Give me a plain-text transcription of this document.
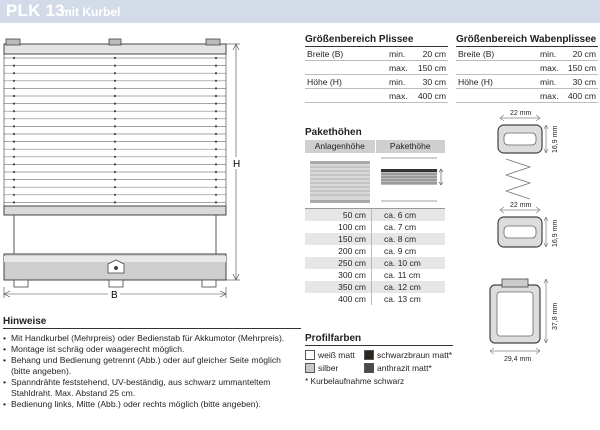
PLK 13
mit Kurbel
H
B
Größenbereich Plissee
Breite (B)	min.	20 cm
	max.	150 cm
Höhe (H)	min.	30 cm
	max.	400 cm
Größenbereich Wabenplissee
Breite (B)	min.	20 cm
	max.	150 cm
Höhe (H)	min.	30 cm
	max.	400 cm
Pakethöhen
Anlagenhöhe	Pakethöhe
50 cm	ca. 6 cm
100 cm	ca. 7 cm
150 cm	ca. 8 cm
200 cm	ca. 9 cm
250 cm	ca. 10 cm
300 cm	ca. 11 cm
350 cm	ca. 12 cm
400 cm	ca. 13 cm
22 mm
16,9 mm
22 mm
16,9 mm
37,8 mm
29,4 mm
Hinweise
• Mit Handkurbel (Mehrpreis) oder Bedienstab für Akkumotor (Mehrpreis).
• Montage ist schräg oder waagerecht möglich.
• Behang und Bedienung getrennt (Abb.) oder auf gleicher Seite möglich (bitte angeben).
• Spanndrähte feststehend, UV-beständig, aus schwarz ummanteltem Stahldraht. Max. Abstand 25 cm.
• Bedienung links, Mitte (Abb.) oder rechts möglich (bitte angeben).
Profilfarben
weiß matt	schwarzbraun matt*
silber	anthrazit matt*
* Kurbelaufnahme schwarz
